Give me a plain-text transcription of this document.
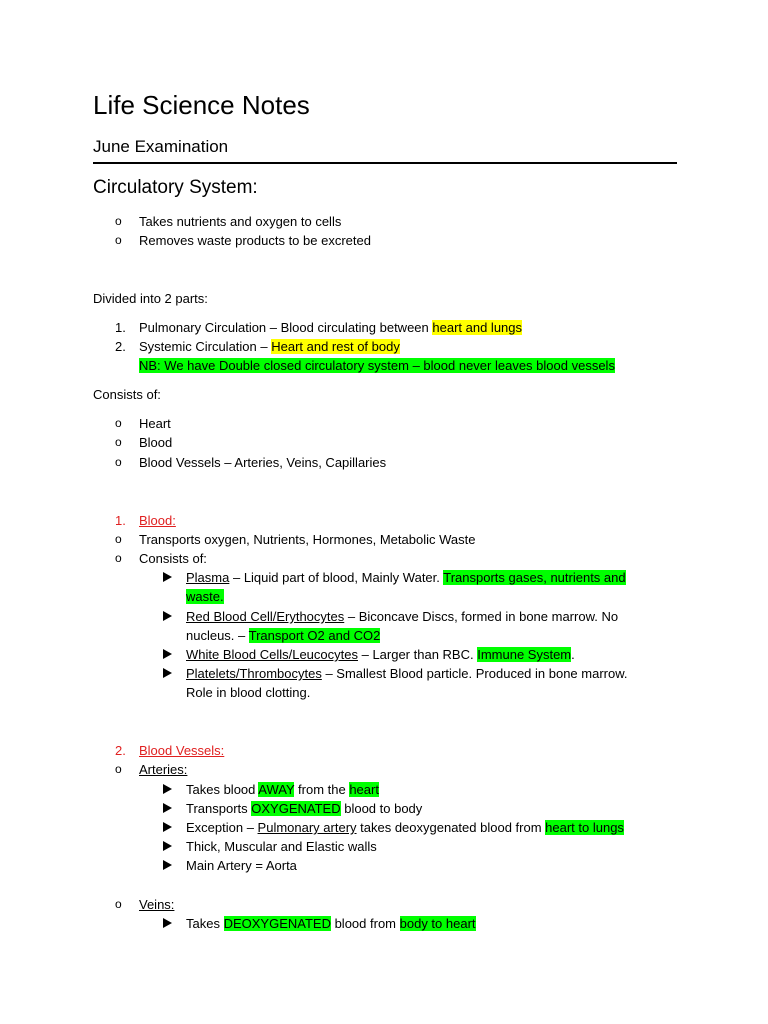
Life Science Notes
June Examination
Circulatory System:
o	Takes nutrients and oxygen to cells
o	Removes waste products to be excreted
Divided into 2 parts:
1. Pulmonary Circulation – Blood circulating between heart and lungs
2. Systemic Circulation – Heart and rest of body
NB: We have Double closed circulatory system – blood never leaves blood vessels
Consists of:
o	Heart
o	Blood
o	Blood Vessels – Arteries, Veins, Capillaries
1. Blood:
o	Transports oxygen, Nutrients, Hormones, Metabolic Waste
o	Consists of:
Plasma – Liquid part of blood, Mainly Water. Transports gases, nutrients and
waste.
Red Blood Cell/Erythocytes – Biconcave Discs, formed in bone marrow. No
nucleus. – Transport O2 and CO2
White Blood Cells/Leucocytes – Larger than RBC. Immune System.
Platelets/Thrombocytes – Smallest Blood particle. Produced in bone marrow.
Role in blood clotting.
2. Blood Vessels:
o	Arteries:
Takes blood AWAY from the heart
Transports OXYGENATED blood to body
Exception – Pulmonary artery takes deoxygenated blood from heart to lungs
Thick, Muscular and Elastic walls
Main Artery = Aorta
o	Veins:
Takes DEOXYGENATED blood from body to heart
